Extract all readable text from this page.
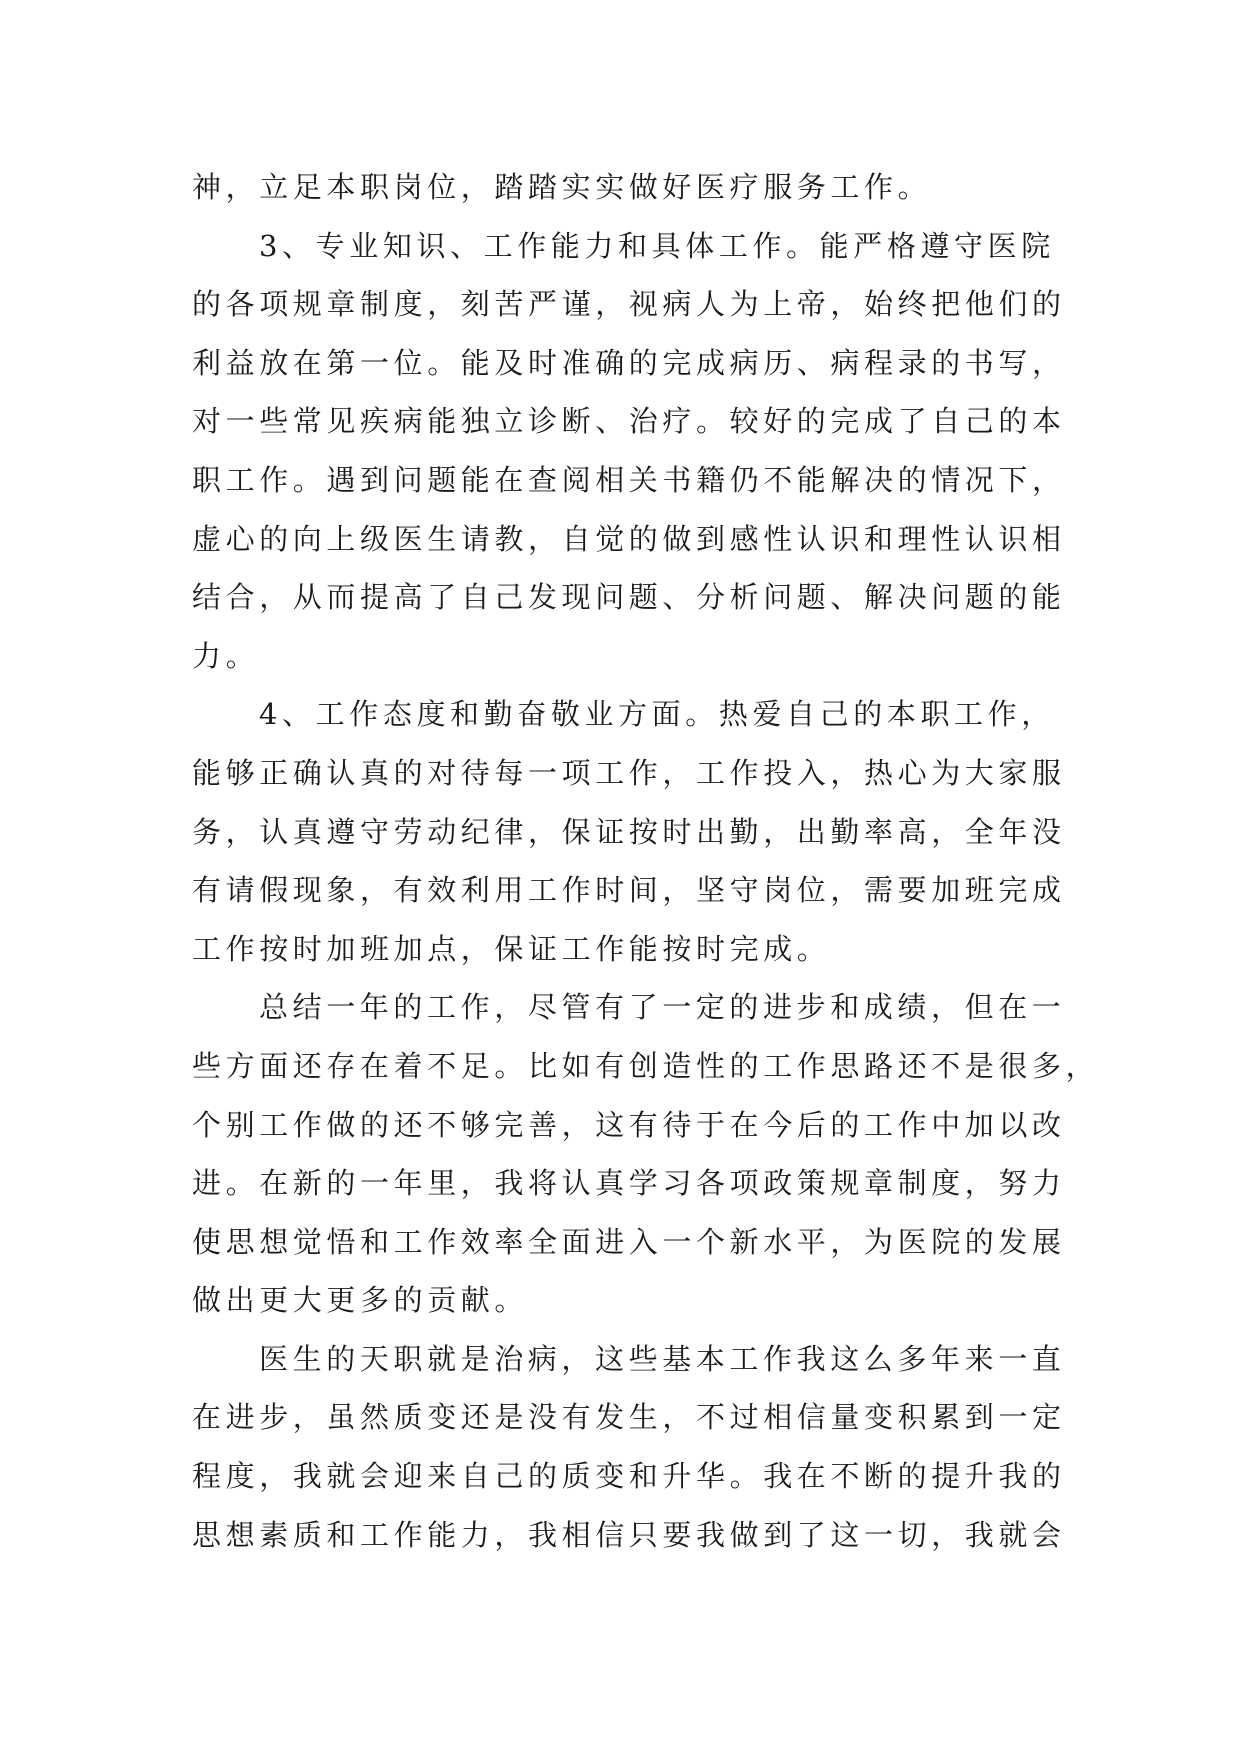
神，立足本职岗位，踏踏实实做好医疗服务工作。
3、专业知识、工作能力和具体工作。能严格遵守医院
的各项规章制度，刻苦严谨，视病人为上帝，始终把他们的
利益放在第一位。能及时准确的完成病历、病程录的书写，
对一些常见疾病能独立诊断、治疗。较好的完成了自己的本
职工作。遇到问题能在查阅相关书籍仍不能解决的情况下，
虚心的向上级医生请教，自觉的做到感性认识和理性认识相
结合，从而提高了自己发现问题、分析问题、解决问题的能
力。
4、工作态度和勤奋敬业方面。热爱自己的本职工作，
能够正确认真的对待每一项工作，工作投入，热心为大家服
务，认真遵守劳动纪律，保证按时出勤，出勤率高，全年没
有请假现象，有效利用工作时间，坚守岗位，需要加班完成
工作按时加班加点，保证工作能按时完成。
总结一年的工作，尽管有了一定的进步和成绩，但在一
些方面还存在着不足。比如有创造性的工作思路还不是很多，
个别工作做的还不够完善，这有待于在今后的工作中加以改
进。在新的一年里，我将认真学习各项政策规章制度，努力
使思想觉悟和工作效率全面进入一个新水平，为医院的发展
做出更大更多的贡献。
医生的天职就是治病，这些基本工作我这么多年来一直
在进步，虽然质变还是没有发生，不过相信量变积累到一定
程度，我就会迎来自己的质变和升华。我在不断的提升我的
思想素质和工作能力，我相信只要我做到了这一切，我就会
